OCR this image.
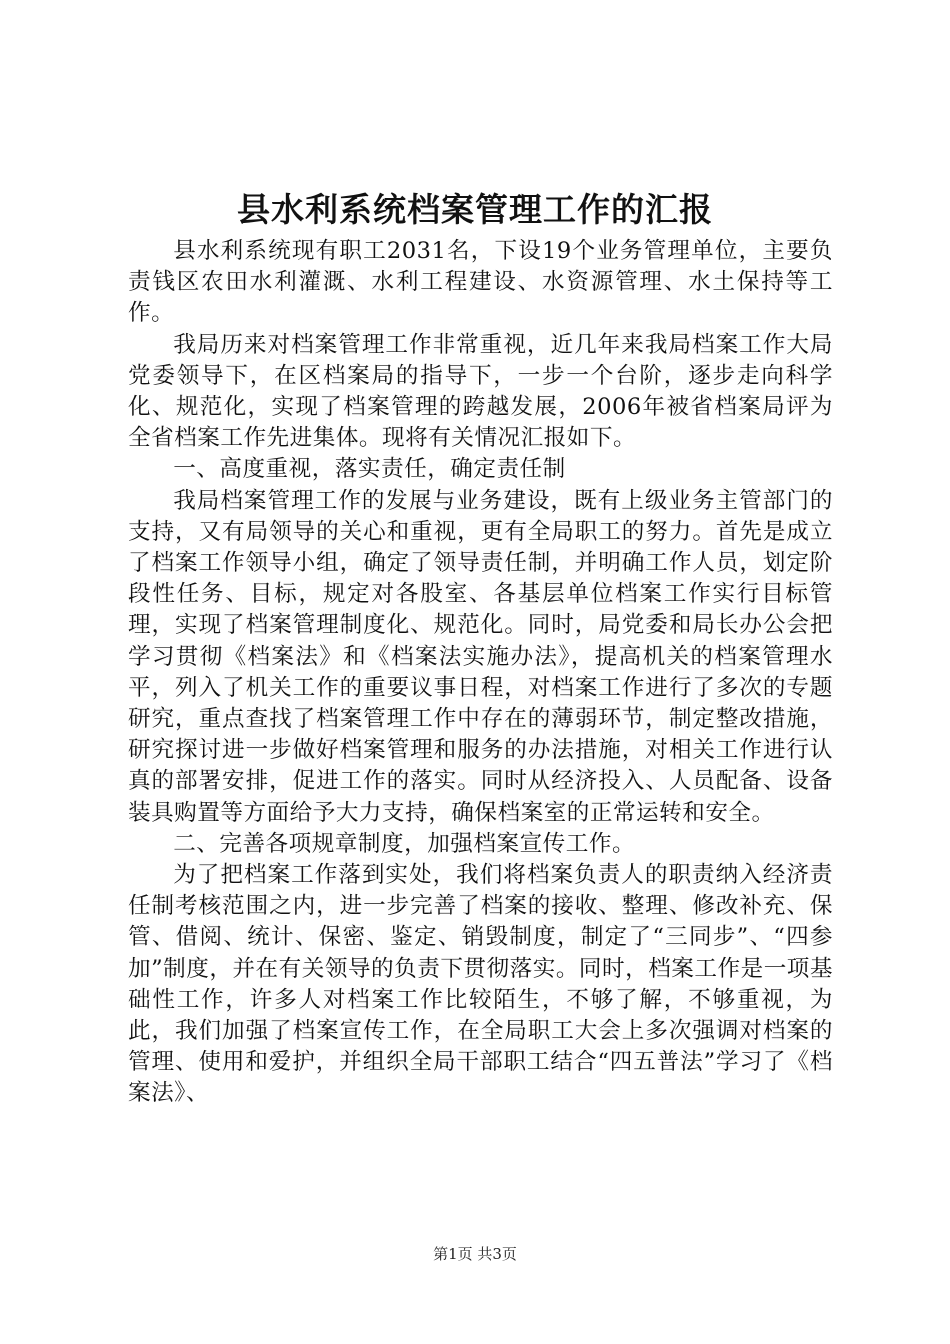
县水利系统档案管理工作的汇报

县水利系统现有职工2031名，下设19个业务管理单位，主要负责钱区农田水利灌溉、水利工程建设、水资源管理、水土保持等工作。

我局历来对档案管理工作非常重视，近几年来我局档案工作大局党委领导下，在区档案局的指导下，一步一个台阶，逐步走向科学化、规范化，实现了档案管理的跨越发展，2006年被省档案局评为全省档案工作先进集体。现将有关情况汇报如下。

一、高度重视，落实责任，确定责任制

我局档案管理工作的发展与业务建设，既有上级业务主管部门的支持，又有局领导的关心和重视，更有全局职工的努力。首先是成立了档案工作领导小组，确定了领导责任制，并明确工作人员，划定阶段性任务、目标，规定对各股室、各基层单位档案工作实行目标管理，实现了档案管理制度化、规范化。同时，局党委和局长办公会把学习贯彻《档案法》和《档案法实施办法》，提高机关的档案管理水平，列入了机关工作的重要议事日程，对档案工作进行了多次的专题研究，重点查找了档案管理工作中存在的薄弱环节，制定整改措施，研究探讨进一步做好档案管理和服务的办法措施，对相关工作进行认真的部署安排，促进工作的落实。同时从经济投入、人员配备、设备装具购置等方面给予大力支持，确保档案室的正常运转和安全。

二、完善各项规章制度，加强档案宣传工作。

为了把档案工作落到实处，我们将档案负责人的职责纳入经济责任制考核范围之内，进一步完善了档案的接收、整理、修改补充、保管、借阅、统计、保密、鉴定、销毁制度，制定了“三同步”、“四参加”制度，并在有关领导的负责下贯彻落实。同时，档案工作是一项基础性工作，许多人对档案工作比较陌生，不够了解，不够重视，为此，我们加强了档案宣传工作，在全局职工大会上多次强调对档案的管理、使用和爱护，并组织全局干部职工结合“四五普法”学习了《档案法》、

第1页 共3页
